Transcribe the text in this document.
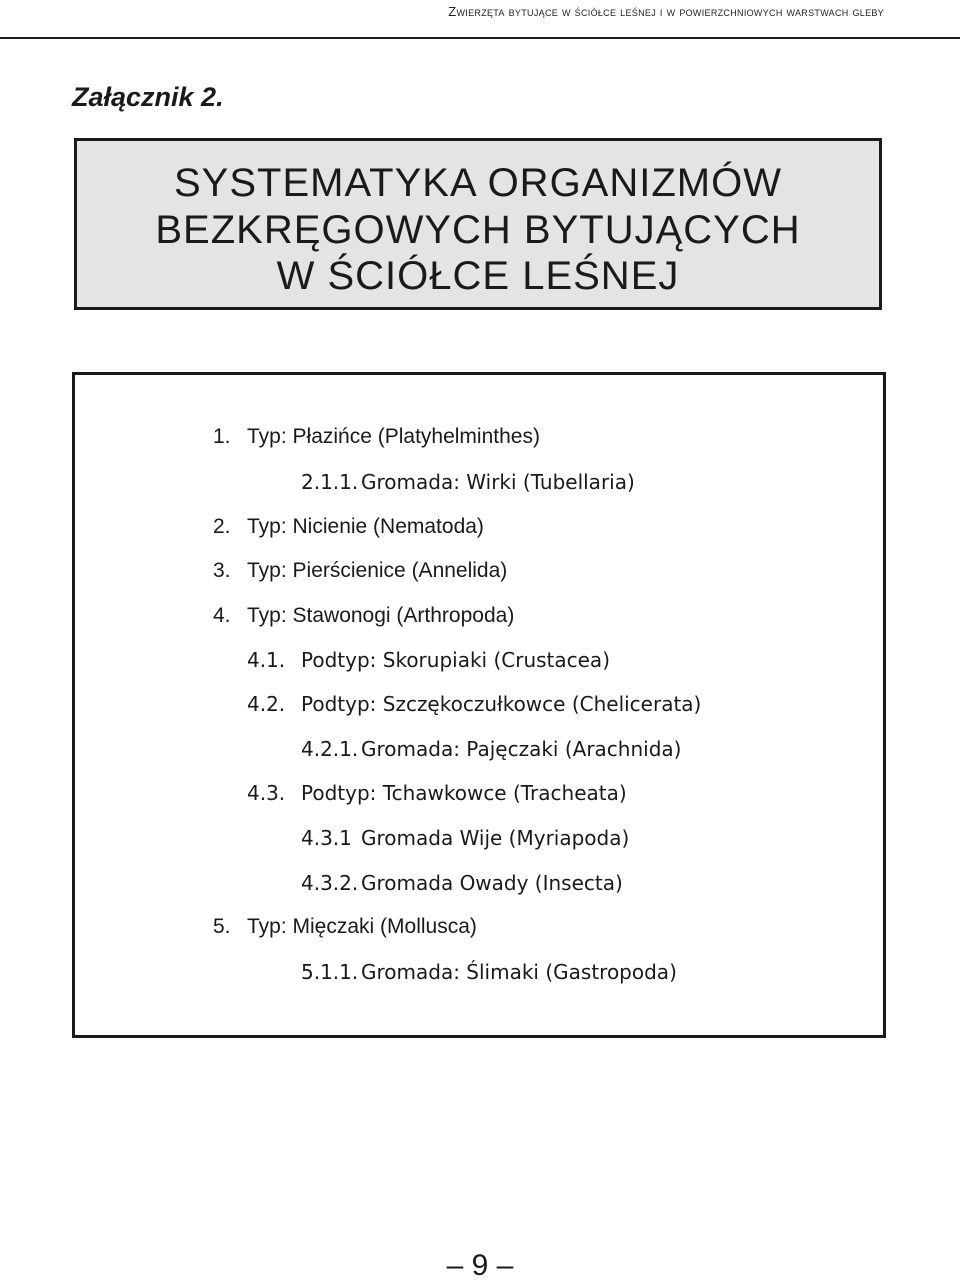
Zwierzęta bytujące w ściółce leśnej i w powierzchniowych warstwach gleby
Załącznik 2.
SYSTEMATYKA ORGANIZMÓW
BEZKRĘGOWYCH BYTUJĄCYCH
W ŚCIÓŁCE LEŚNEJ
1. Typ: Płazińce (Platyhelminthes)
2.1.1. Gromada: Wirki (Tubellaria)
2. Typ: Nicienie (Nematoda)
3. Typ: Pierścienice (Annelida)
4. Typ: Stawonogi (Arthropoda)
4.1. Podtyp: Skorupiaki (Crustacea)
4.2. Podtyp: Szczękoczułkowce (Chelicerata)
4.2.1. Gromada: Pajęczaki (Arachnida)
4.3. Podtyp: Tchawkowce (Tracheata)
4.3.1 Gromada Wije (Myriapoda)
4.3.2. Gromada Owady (Insecta)
5. Typ: Mięczaki (Mollusca)
5.1.1. Gromada: Ślimaki (Gastropoda)
– 9 –
